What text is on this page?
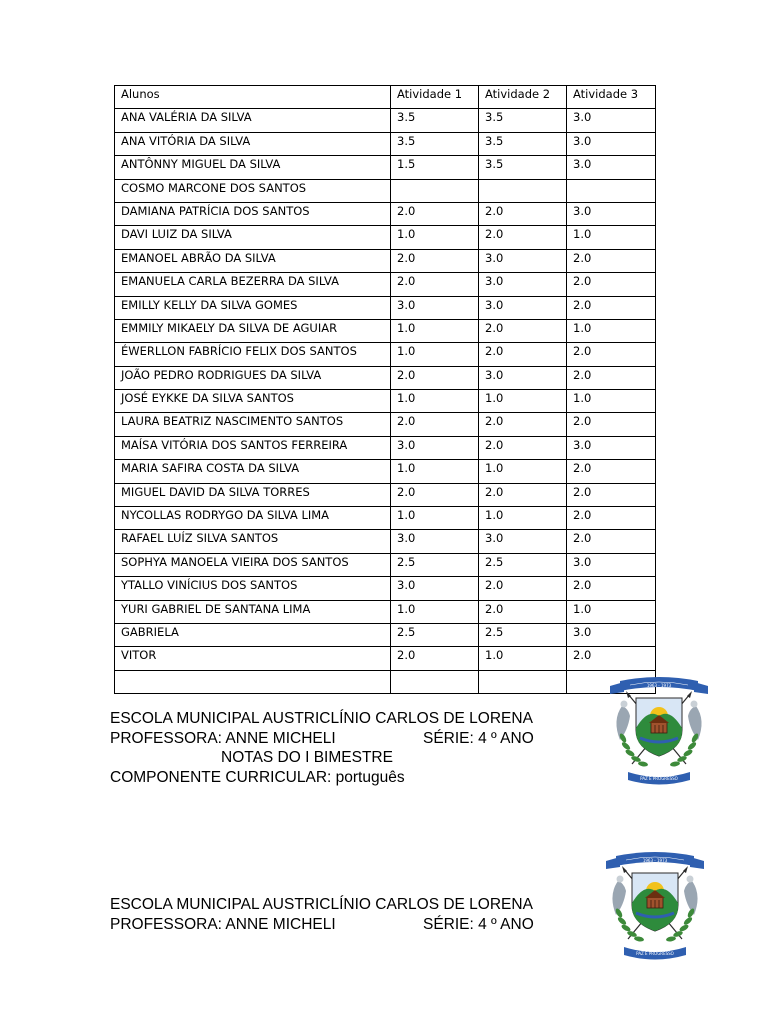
Alunos	Atividade 1	Atividade 2	Atividade 3
ANA VALÉRIA DA SILVA	3.5	3.5	3.0
ANA VITÓRIA DA SILVA	3.5	3.5	3.0
ANTÔNNY MIGUEL DA SILVA	1.5	3.5	3.0
COSMO MARCONE DOS SANTOS			
DAMIANA PATRÍCIA DOS SANTOS	2.0	2.0	3.0
DAVI LUIZ DA SILVA	1.0	2.0	1.0
EMANOEL ABRÃO DA SILVA	2.0	3.0	2.0
EMANUELA CARLA BEZERRA DA SILVA	2.0	3.0	2.0
EMILLY KELLY DA SILVA GOMES	3.0	3.0	2.0
EMMILY MIKAELY DA SILVA DE AGUIAR	1.0	2.0	1.0
ÉWERLLON FABRÍCIO FELIX DOS SANTOS	1.0	2.0	2.0
JOÃO PEDRO RODRIGUES DA SILVA	2.0	3.0	2.0
JOSÉ EYKKE DA SILVA SANTOS	1.0	1.0	1.0
LAURA BEATRIZ NASCIMENTO SANTOS	2.0	2.0	2.0
MAÍSA VITÓRIA DOS SANTOS FERREIRA	3.0	2.0	3.0
MARIA SAFIRA COSTA DA SILVA	1.0	1.0	2.0
MIGUEL DAVID DA SILVA TORRES	2.0	2.0	2.0
NYCOLLAS RODRYGO DA SILVA LIMA	1.0	1.0	2.0
RAFAEL LUÍZ SILVA SANTOS	3.0	3.0	2.0
SOPHYA MANOELA VIEIRA DOS SANTOS	2.5	2.5	3.0
YTALLO VINÍCIUS DOS SANTOS	3.0	2.0	2.0
YURI GABRIEL DE SANTANA LIMA	1.0	2.0	1.0
GABRIELA	2.5	2.5	3.0
VITOR	2.0	1.0	2.0

ESCOLA MUNICIPAL AUSTRICLÍNIO CARLOS DE LORENA
PROFESSORA: ANNE MICHELI	SÉRIE: 4 º ANO
NOTAS DO I BIMESTRE
COMPONENTE CURRICULAR: português
ESCOLA MUNICIPAL AUSTRICLÍNIO CARLOS DE LORENA
PROFESSORA: ANNE MICHELI	SÉRIE: 4 º ANO
1963 - 1973
PAZ E PROGRESSO
1963 - 1973
PAZ E PROGRESSO
